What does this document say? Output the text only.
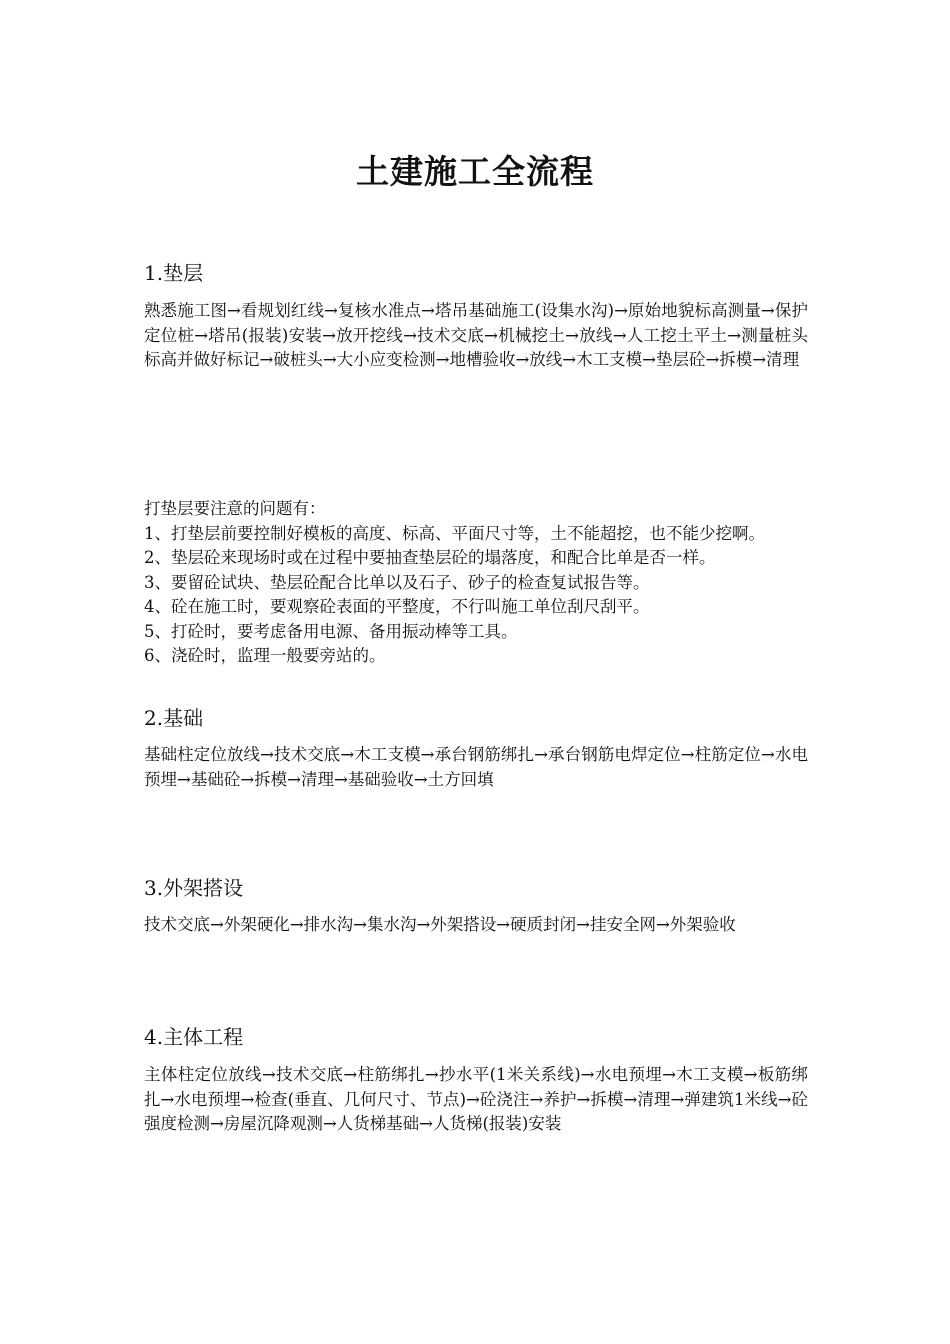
土建施工全流程
1.垫层
熟悉施工图→看规划红线→复核水准点→塔吊基础施工(设集水沟)→原始地貌标高测量→保护定位桩→塔吊(报装)安装→放开挖线→技术交底→机械挖土→放线→人工挖土平土→测量桩头标高并做好标记→破桩头→大小应变检测→地槽验收→放线→木工支模→垫层砼→拆模→清理

打垫层要注意的问题有：

1、打垫层前要控制好模板的高度、标高、平面尺寸等，土不能超挖，也不能少挖啊。

2、垫层砼来现场时或在过程中要抽查垫层砼的塌落度，和配合比单是否一样。

3、要留砼试块、垫层砼配合比单以及石子、砂子的检查复试报告等。

4、砼在施工时，要观察砼表面的平整度，不行叫施工单位刮尺刮平。

5、打砼时，要考虑备用电源、备用振动棒等工具。

6、浇砼时，监理一般要旁站的。

2.基础
基础柱定位放线→技术交底→木工支模→承台钢筋绑扎→承台钢筋电焊定位→柱筋定位→水电预埋→基础砼→拆模→清理→基础验收→土方回填
3.外架搭设
技术交底→外架硬化→排水沟→集水沟→外架搭设→硬质封闭→挂安全网→外架验收
4.主体工程
主体柱定位放线→技术交底→柱筋绑扎→抄水平(1米关系线)→水电预埋→木工支模→板筋绑扎→水电预埋→检查(垂直、几何尺寸、节点)→砼浇注→养护→拆模→清理→弹建筑1米线→砼强度检测→房屋沉降观测→人货梯基础→人货梯(报装)安装
